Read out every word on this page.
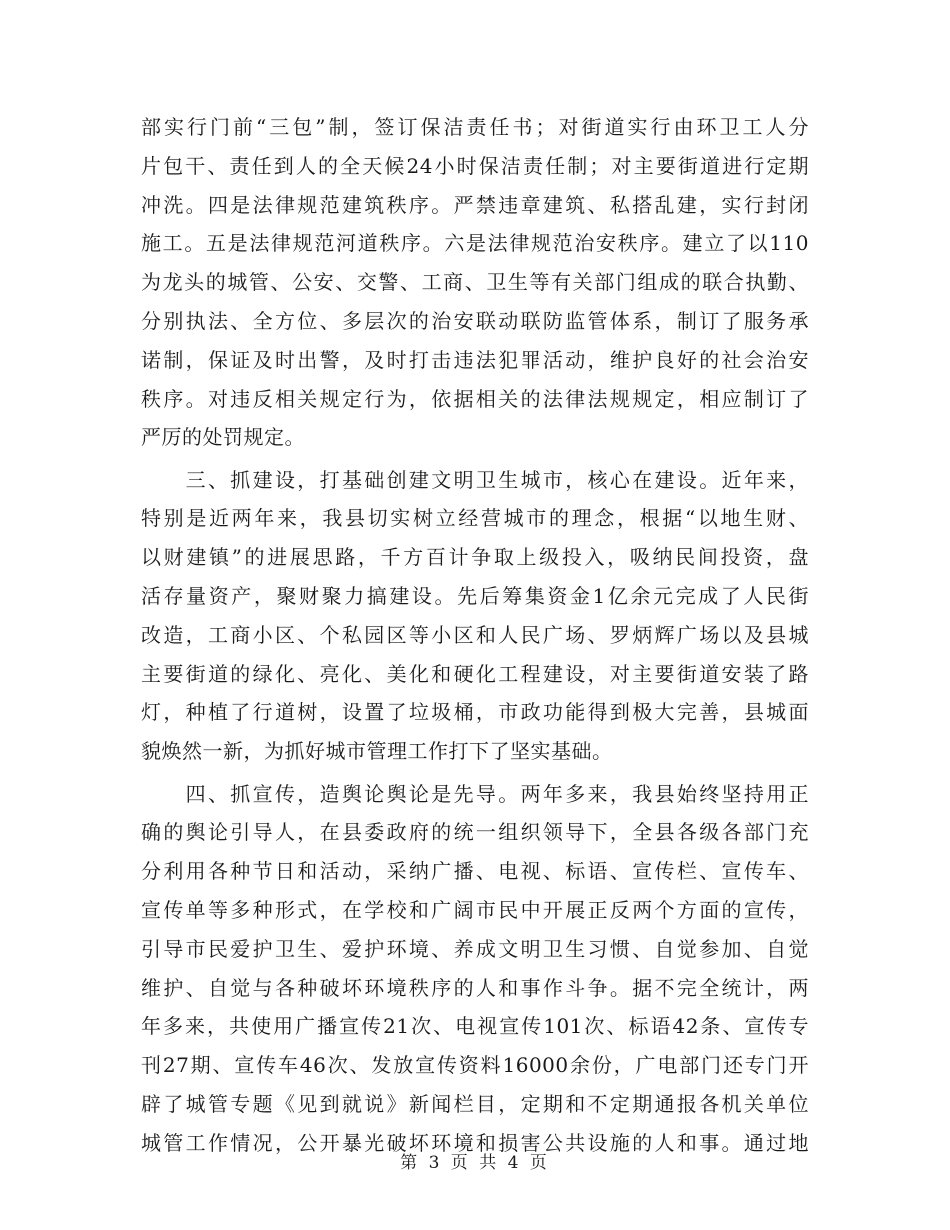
部实行门前“三包”制，签订保洁责任书；对街道实行由环卫工人分
片包干、责任到人的全天候24小时保洁责任制；对主要街道进行定期
冲洗。四是法律规范建筑秩序。严禁违章建筑、私搭乱建，实行封闭
施工。五是法律规范河道秩序。六是法律规范治安秩序。建立了以110
为龙头的城管、公安、交警、工商、卫生等有关部门组成的联合执勤、
分别执法、全方位、多层次的治安联动联防监管体系，制订了服务承
诺制，保证及时出警，及时打击违法犯罪活动，维护良好的社会治安
秩序。对违反相关规定行为，依据相关的法律法规规定，相应制订了
严厉的处罚规定。
　　三、抓建设，打基础创建文明卫生城市，核心在建设。近年来，
特别是近两年来，我县切实树立经营城市的理念，根据“以地生财、
以财建镇”的进展思路，千方百计争取上级投入，吸纳民间投资，盘
活存量资产，聚财聚力搞建设。先后筹集资金1亿余元完成了人民街
改造，工商小区、个私园区等小区和人民广场、罗炳辉广场以及县城
主要街道的绿化、亮化、美化和硬化工程建设，对主要街道安装了路
灯，种植了行道树，设置了垃圾桶，市政功能得到极大完善，县城面
貌焕然一新，为抓好城市管理工作打下了坚实基础。
　　四、抓宣传，造舆论舆论是先导。两年多来，我县始终坚持用正
确的舆论引导人，在县委政府的统一组织领导下，全县各级各部门充
分利用各种节日和活动，采纳广播、电视、标语、宣传栏、宣传车、
宣传单等多种形式，在学校和广阔市民中开展正反两个方面的宣传，
引导市民爱护卫生、爱护环境、养成文明卫生习惯、自觉参加、自觉
维护、自觉与各种破坏环境秩序的人和事作斗争。据不完全统计，两
年多来，共使用广播宣传21次、电视宣传101次、标语42条、宣传专
刊27期、宣传车46次、发放宣传资料16000余份，广电部门还专门开
辟了城管专题《见到就说》新闻栏目，定期和不定期通报各机关单位
城管工作情况，公开暴光破坏环境和损害公共设施的人和事。通过地
第 3 页 共 4 页
